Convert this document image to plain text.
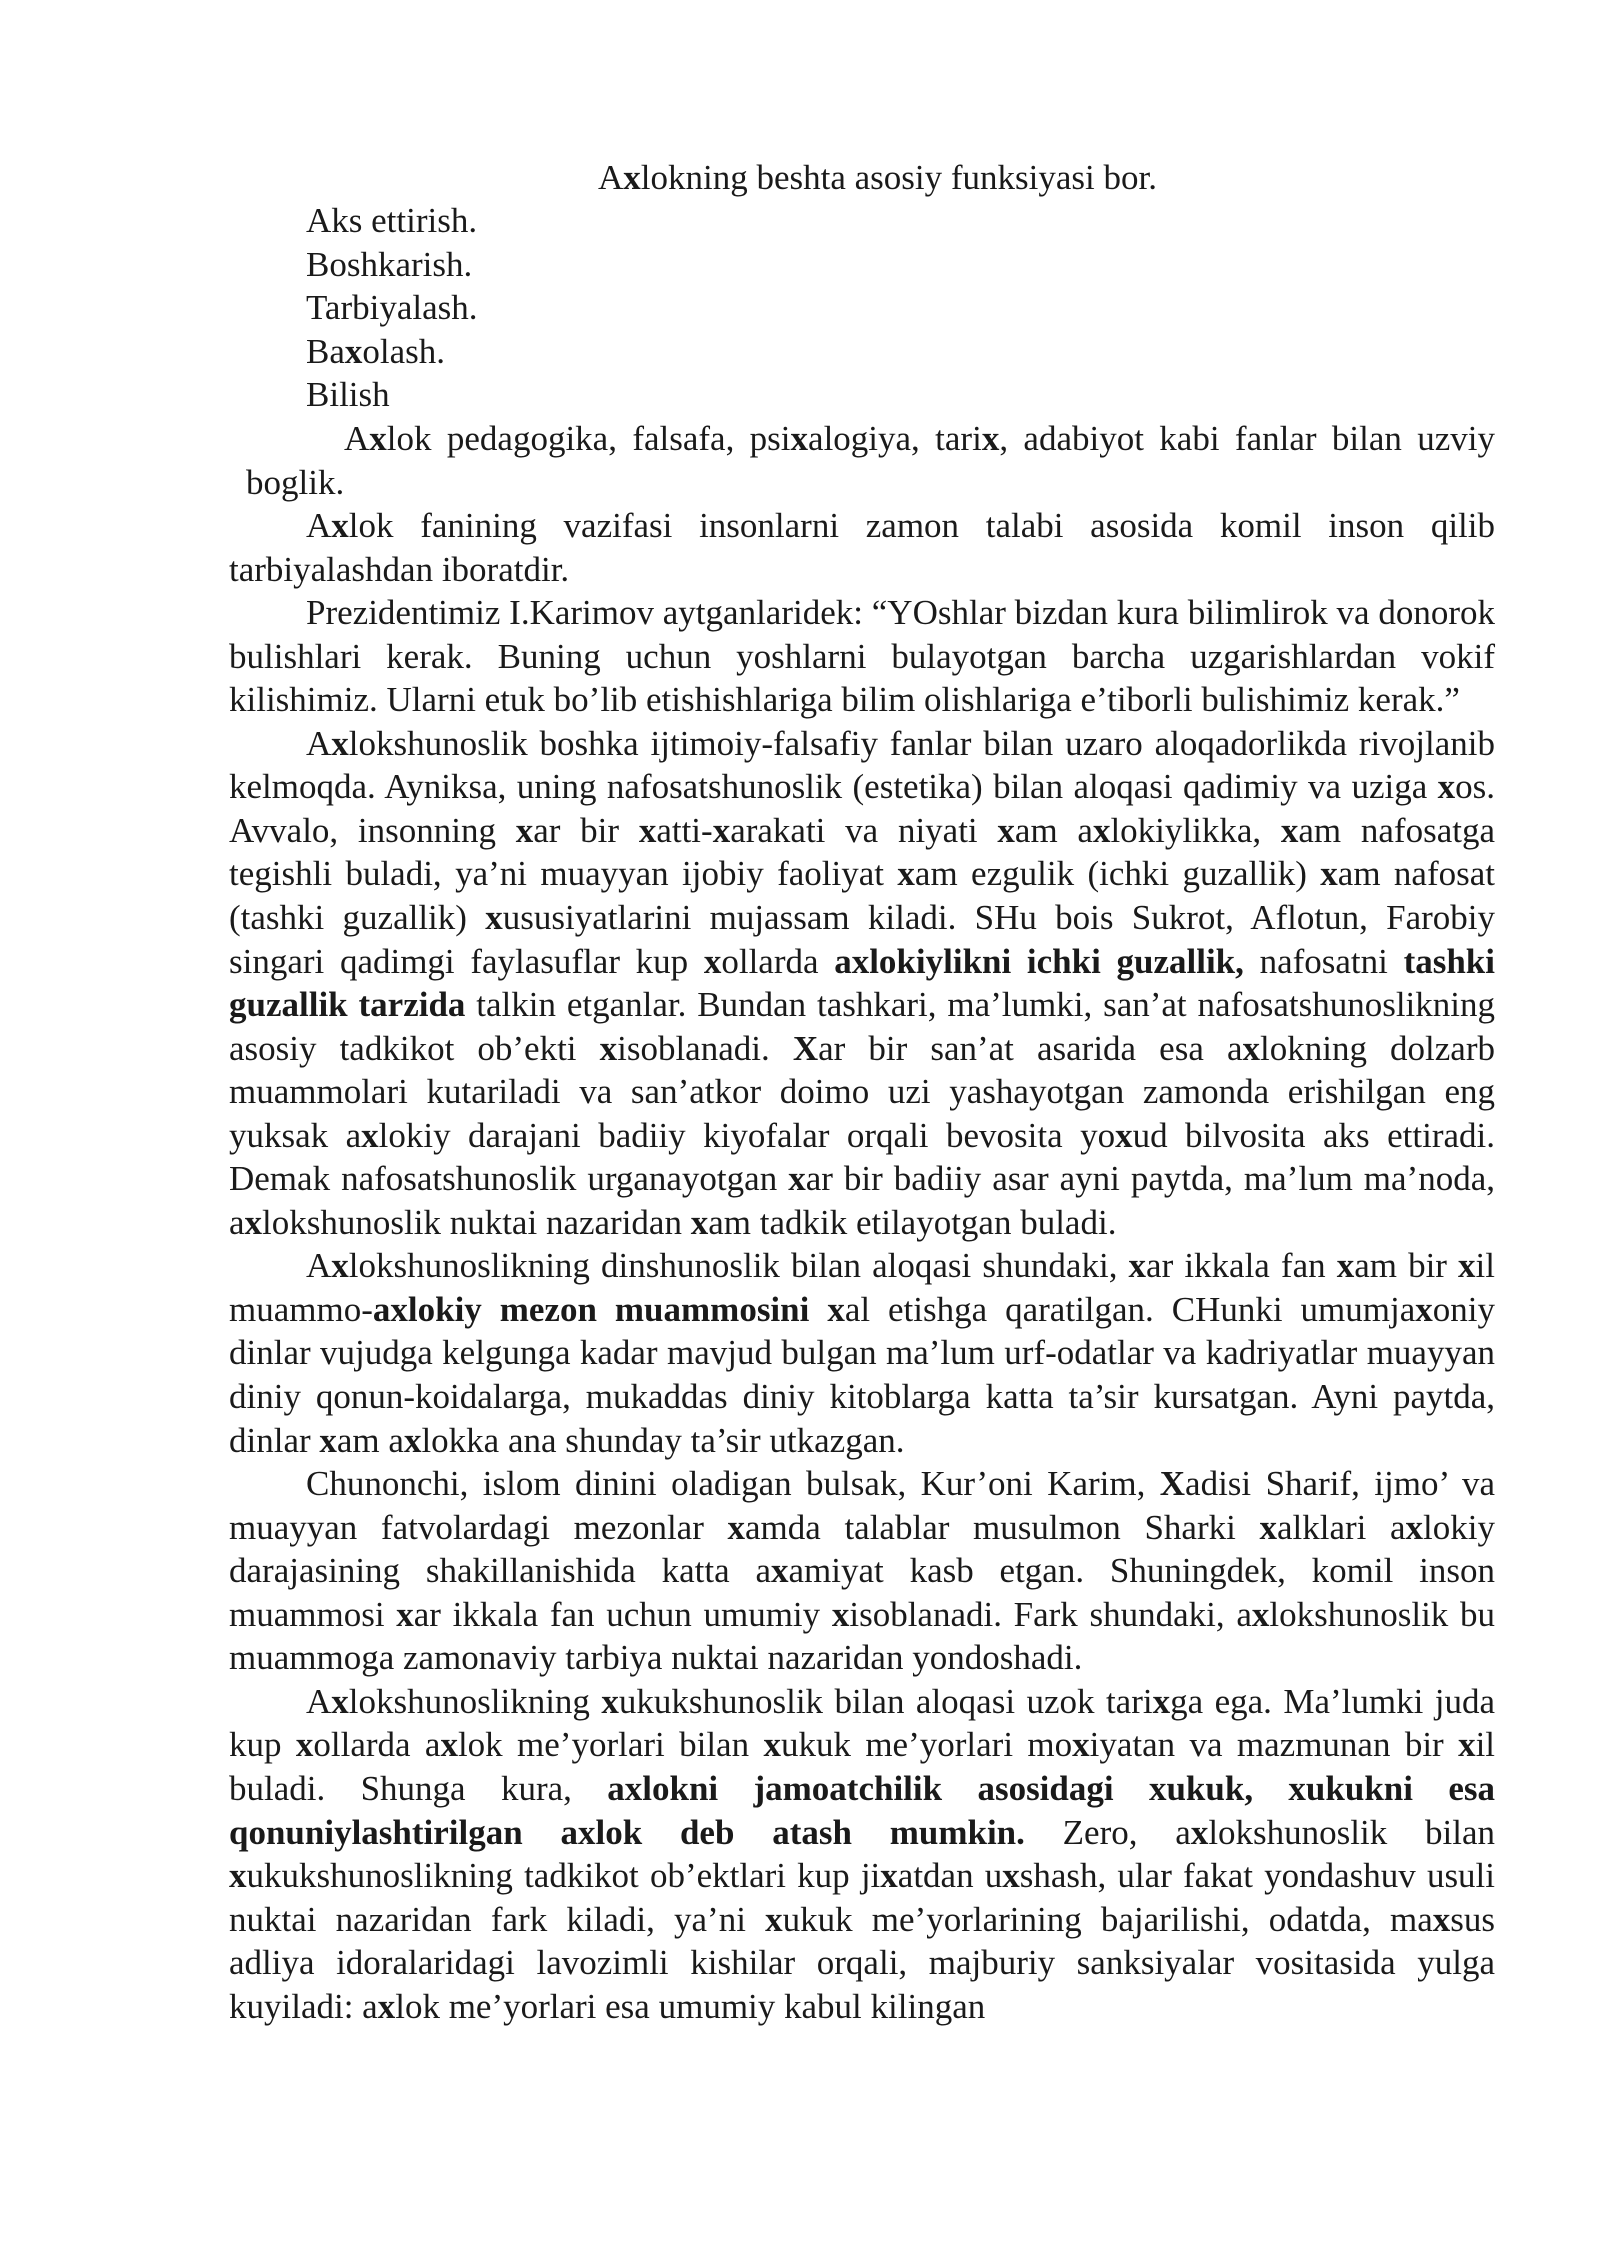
Axlokning beshta asosiy funksiyasi bor.
Aks ettirish.
Boshkarish.
Tarbiyalash.
Baxolash.
Bilish

Axlok pedagogika, falsafa, psixalogiya, tarix, adabiyot kabi fanlar bilan uzviy boglik.

Axlok fanining vazifasi insonlarni zamon talabi asosida komil inson qilib tarbiyalashdan iboratdir.

Prezidentimiz I.Karimov aytganlaridek: “YOshlar bizdan kura bilimlirok va donorok bulishlari kerak. Buning uchun yoshlarni bulayotgan barcha uzgarishlardan vokif kilishimiz. Ularni etuk bo’lib etishishlariga bilim olishlariga e’tiborli bulishimiz kerak.”

Axlokshunoslik boshka ijtimoiy-falsafiy fanlar bilan uzaro aloqadorlikda rivojlanib kelmoqda. Ayniksa, uning nafosatshunoslik (estetika) bilan aloqasi qadimiy va uziga xos. Avvalo, insonning xar bir xatti-xarakati va niyati xam axlokiylikka, xam nafosatga tegishli buladi, ya’ni muayyan ijobiy faoliyat xam ezgulik (ichki guzallik) xam nafosat (tashki guzallik) xususiyatlarini mujassam kiladi. SHu bois Sukrot, Aflotun, Farobiy singari qadimgi faylasuflar kup xollarda axlokiylikni ichki guzallik, nafosatni tashki guzallik tarzida talkin etganlar. Bundan tashkari, ma’lumki, san’at nafosatshunoslikning asosiy tadkikot ob’ekti xisoblanadi. Xar bir san’at asarida esa axlokning dolzarb muammolari kutariladi va san’atkor doimo uzi yashayotgan zamonda erishilgan eng yuksak axlokiy darajani badiiy kiyofalar orqali bevosita yoxud bilvosita aks ettiradi. Demak nafosatshunoslik urganayotgan xar bir badiiy asar ayni paytda, ma’lum ma’noda, axlokshunoslik nuktai nazaridan xam tadkik etilayotgan buladi.

Axlokshunoslikning dinshunoslik bilan aloqasi shundaki, xar ikkala fan xam bir xil muammo-axlokiy mezon muammosini xal etishga qaratilgan. CHunki umumjaxoniy dinlar vujudga kelgunga kadar mavjud bulgan ma’lum urf-odatlar va kadriyatlar muayyan diniy qonun-koidalarga, mukaddas diniy kitoblarga katta ta’sir kursatgan. Ayni paytda, dinlar xam axlokka ana shunday ta’sir utkazgan.

Chunonchi, islom dinini oladigan bulsak, Kur’oni Karim, Xadisi Sharif, ijmo’ va muayyan fatvolardagi mezonlar xamda talablar musulmon Sharki xalklari axlokiy darajasining shakillanishida katta axamiyat kasb etgan. Shuningdek, komil inson muammosi xar ikkala fan uchun umumiy xisoblanadi. Fark shundaki, axlokshunoslik bu muammoga zamonaviy tarbiya nuktai nazaridan yondoshadi.

Axlokshunoslikning xukukshunoslik bilan aloqasi uzok tarixga ega. Ma’lumki juda kup xollarda axlok me’yorlari bilan xukuk me’yorlari moxiyatan va mazmunan bir xil buladi. Shunga kura, axlokni jamoatchilik asosidagi xukuk, xukukni esa qonuniylashtirilgan axlok deb atash mumkin. Zero, axlokshunoslik bilan xukukshunoslikning tadkikot ob’ektlari kup jixatdan uxshash, ular fakat yondashuv usuli nuktai nazaridan fark kiladi, ya’ni xukuk me’yorlarining bajarilishi, odatda, maxsus adliya idoralaridagi lavozimli kishilar orqali, majburiy sanksiyalar vositasida yulga kuyiladi: axlok me’yorlari esa umumiy kabul kilingan
